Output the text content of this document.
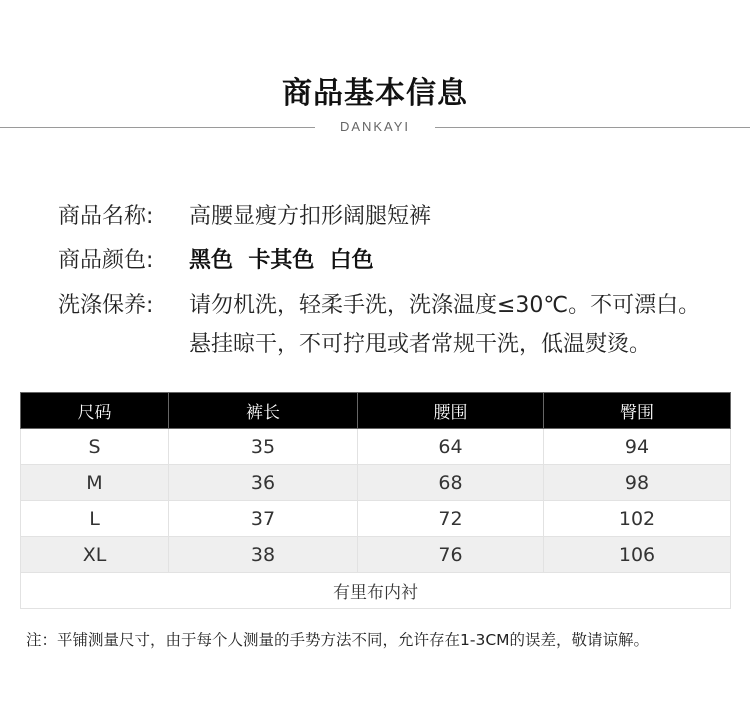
商品基本信息
DANKAYI
商品名称: 高腰显瘦方扣形阔腿短裤
商品颜色: 黑色  卡其色  白色
洗涤保养: 请勿机洗，轻柔手洗，洗涤温度≤30℃。不可漂白。
悬挂晾干，不可拧甩或者常规干洗，低温熨烫。
尺码	裤长	腰围	臀围
S	35	64	94
M	36	68	98
L	37	72	102
XL	38	76	106
有里布内衬			
注：平铺测量尺寸，由于每个人测量的手势方法不同，允许存在1-3CM的误差，敬请谅解。
